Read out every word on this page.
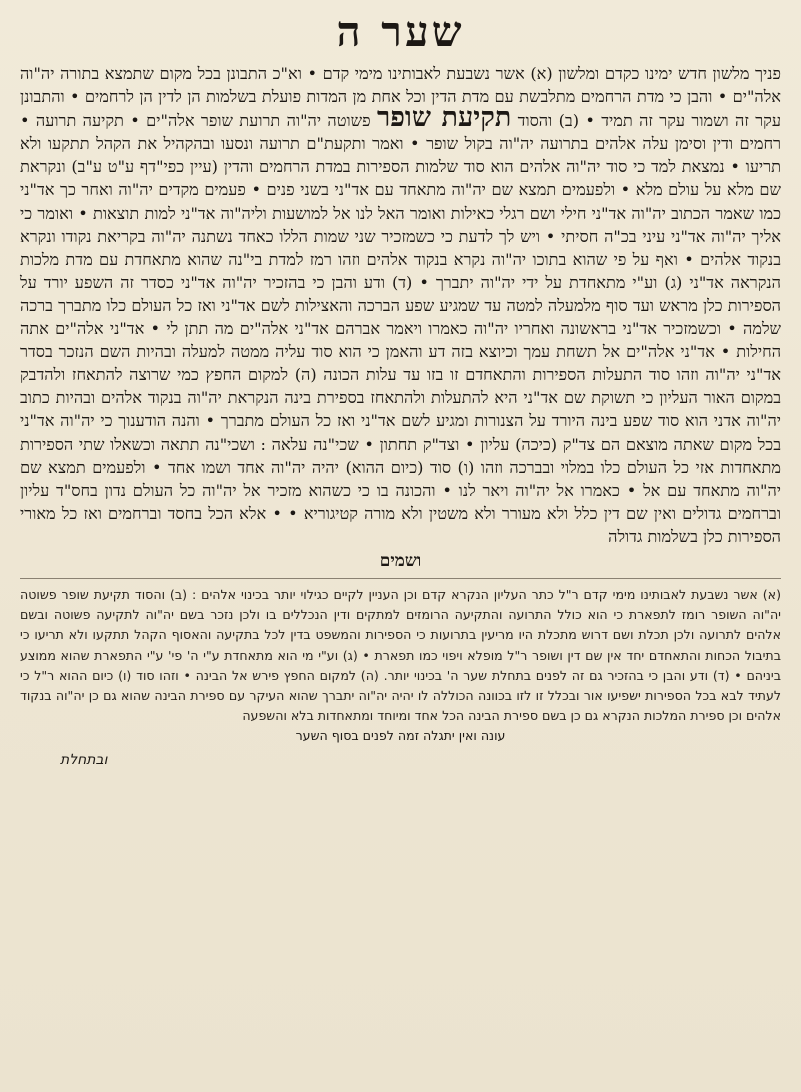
שער ה

פניך מלשון חדש ימינו כקדם ומלשון (א) אשר נשבעת לאבותינו מימי קדם • וא"כ התבונן בכל מקום שתמצא בתורה יה"וה אלה"ים • והבן כי מדת הרחמים מתלבשת עם מדת הדין וכל אחת מן המדות פועלת בשלמות הן לדין הן לרחמים • והתבונן עקר זה ושמור עקר זה תמיד • (ב) והסוד תקיעת שופר פשוטה יה"וה תרועת שופר אלה"ים • תקיעה תרועה • רחמים ודין וסימן עלה אלהים בתרועה יה"וה בקול שופר • ואמר ותקעת"ם תרועה ונסעו ובהקהיל את הקהל תתקעו ולא תריעו • נמצאת למד כי סוד יה"וה אלהים הוא סוד שלמות הספירות במדת הרחמים והדין (עיין כפי"דף ע"ט ע"ב) ונקראת שם מלא על עולם מלא • ולפעמים תמצא שם יה"וה מתאחד עם אד"ני בשני פנים • פעמים מקדים יה"וה ואחר כך אד"ני כמו שאמר הכתוב יה"וה אד"ני חילי ושם רגלי כאילות ואומר האל לנו אל למושעות וליה"וה אד"ני למות תוצאות • ואומר כי אליך יה"וה אד"ני עיני בכ"ה חסיתי • ויש לך לדעת כי כשמזכיר שני שמות הללו כאחד נשתנה יה"וה בקריאת נקודו ונקרא בנקוד אלהים • ואף על פי שהוא בתוכו יה"וה נקרא בנקוד אלהים וזהו רמז למדת בי"נה שהוא מתאחדת עם מדת מלכות הנקראה אד"ני (ג) וע"י מתאחדת על ידי יה"וה יתברך • (ד) ודע והבן כי בהזכיר יה"וה אד"ני כסדר זה השפע יורד על הספירות כלן מראש ועד סוף מלמעלה למטה עד שמגיע שפע הברכה והאצילות לשם אד"ני ואז כל העולם כלו מתברך ברכה שלמה • וכשמזכיר אד"ני בראשונה ואחריו יה"וה כאמרו ויאמר אברהם אד"ני אלה"ים מה תתן לי • אד"ני אלה"ים אתה החילות • אד"ני אלה"ים אל תשחת עמך וכיוצא בזה דע והאמן כי הוא סוד עליה ממטה למעלה ובהיות השם הנזכר בסדר אד"ני יה"וה וזהו סוד התעלות הספירות והתאחדם זו בזו עד עלות הכונה (ה) למקום החפץ כמי שרוצה להתאחז ולהדבק במקום האור העליון כי תשוקת שם אד"ני היא להתעלות ולהתאחז בספירת בינה הנקראת יה"וה בנקוד אלהים ובהיות כתוב יה"וה אדני הוא סוד שפע בינה היורד על הצנורות ומגיע לשם אד"ני ואז כל העולם מתברך • והנה הודענוך כי יה"וה אד"ני בכל מקום שאתה מוצאם הם צד"ק (כיכה) עליון • וצד"ק תחתון • שכי"נה עלאה : ושכי"נה תתאה וכשאלו שתי הספירות מתאחדות אזי כל העולם כלו במלוי ובברכה וזהו (ו) סוד (כיום ההוא) יהיה יה"וה אחד ושמו אחד • ולפעמים תמצא שם יה"וה מתאחד עם אל • כאמרו אל יה"וה ויאר לנו • והכונה בו כי כשהוא מזכיר אל יה"וה כל העולם נדון בחס"ד עליון וברחמים גדולים ואין שם דין כלל ולא מעורר ולא משטין ולא מורה קטיגוריא • • אלא הכל בחסד וברחמים ואז כל מאורי הספירות כלן בשלמות גדולה

ושמים

(א) אשר נשבעת לאבותינו מימי קדם ר"ל כתר העליון הנקרא קדם וכן העניין לקיים כגילוי יותר בכינוי אלהים : (ב) והסוד תקיעת שופר פשוטה יה"וה השופר רומז לתפארת כי הוא כולל התרועה והתקיעה הרומזים למתקים ודין הנכללים בו ולכן נזכר בשם יה"וה לתקיעה פשוטה ובשם אלהים לתרועה ולכן תכלת ושם דרוש מתכלת היו מריעין בתרועות כי הספירות והמשפט בדין לכל בתקיעה והאסוף הקהל תתקעו ולא תריעו כי בתיבול הכחות והתאחדם יחד אין שם דין ושופר ר"ל מופלא ויפוי כמו תפארת • (ג) וע"י מי הוא מתאחדת ע"י ה' פי' ע"י התפארת שהוא ממוצע ביניהם • (ד) ודע והבן כי בהזכיר גם זה לפנים בתחלת שער ה' בכינוי יותר. (ה) למקום החפץ פירש אל הבינה • וזהו סוד (ו) כיום ההוא ר"ל כי לעתיד לבא בכל הספירות ישפיעו אור ובכלל זו לזו בכוונה הכוללה לו יהיה יה"וה יתברך שהוא העיקר עם ספירת הבינה שהוא גם כן יה"וה בנקוד אלהים וכן ספירת המלכות הנקרא גם כן בשם ספירת הבינה הכל אחד ומיוחד ומתאחדות בלא והשפעה

עונה ואין יתגלה זמה לפנים בסוף השער

ובתחלת
